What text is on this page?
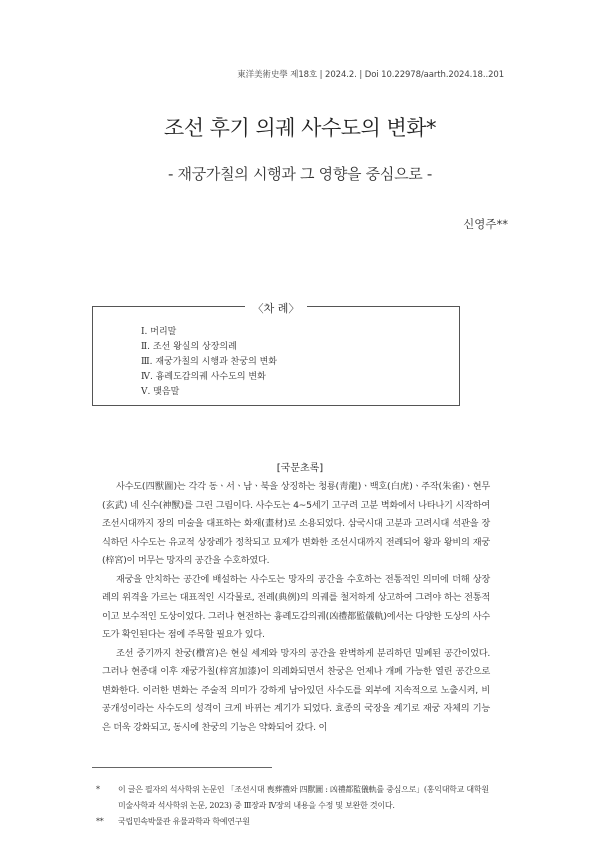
東洋美術史學 제18호 | 2024.2. | Doi 10.22978/aarth.2024.18..201
조선 후기 의궤 사수도의 변화*
- 재궁가칠의 시행과 그 영향을 중심으로 -
신영주**
〈차 례〉
Ⅰ. 머리말
Ⅱ. 조선 왕실의 상장의례
Ⅲ. 재궁가칠의 시행과 찬궁의 변화
Ⅳ. 흉례도감의궤 사수도의 변화
Ⅴ. 맺음말
[국문초록]

사수도(四獸圖)는 각각 동ㆍ서ㆍ남ㆍ북을 상징하는 청룡(靑龍)ㆍ백호(白虎)ㆍ주작(朱雀)ㆍ현무(玄武) 네 신수(神獸)를 그린 그림이다. 사수도는 4~5세기 고구려 고분 벽화에서 나타나기 시작하여 조선시대까지 장의 미술을 대표하는 화재(畫材)로 소용되었다. 삼국시대 고분과 고려시대 석관을 장식하던 사수도는 유교적 상장례가 정착되고 묘제가 변화한 조선시대까지 전례되어 왕과 왕비의 재궁(梓宮)이 머무는 망자의 공간을 수호하였다.

재궁을 안치하는 공간에 배설하는 사수도는 망자의 공간을 수호하는 전통적인 의미에 더해 상장례의 위격을 가르는 대표적인 시각물로, 전례(典例)의 의궤를 철저하게 상고하여 그려야 하는 전통적이고 보수적인 도상이었다. 그러나 현전하는 흉례도감의궤(凶禮都監儀軌)에서는 다양한 도상의 사수도가 확인된다는 점에 주목할 필요가 있다.

조선 중기까지 찬궁(欑宮)은 현실 세계와 망자의 공간을 완벽하게 분리하던 밀폐된 공간이었다. 그러나 현종대 이후 재궁가칠(梓宮加漆)이 의례화되면서 찬궁은 언제나 개폐 가능한 열린 공간으로 변화한다. 이러한 변화는 주술적 의미가 강하게 남아있던 사수도를 외부에 지속적으로 노출시켜, 비공개성이라는 사수도의 성격이 크게 바뀌는 계기가 되었다. 효종의 국장을 계기로 재궁 자체의 기능은 더욱 강화되고, 동시에 찬궁의 기능은 약화되어 갔다. 이

* 이 글은 필자의 석사학위 논문인 「조선시대 喪葬禮와 四獸圖 : 凶禮都監儀軌를 중심으로」(홍익대학교 대학원 미술사학과 석사학위 논문, 2023) 중 Ⅲ장과 Ⅳ장의 내용을 수정 및 보완한 것이다.
** 국립민속박물관 유물과학과 학예연구원
